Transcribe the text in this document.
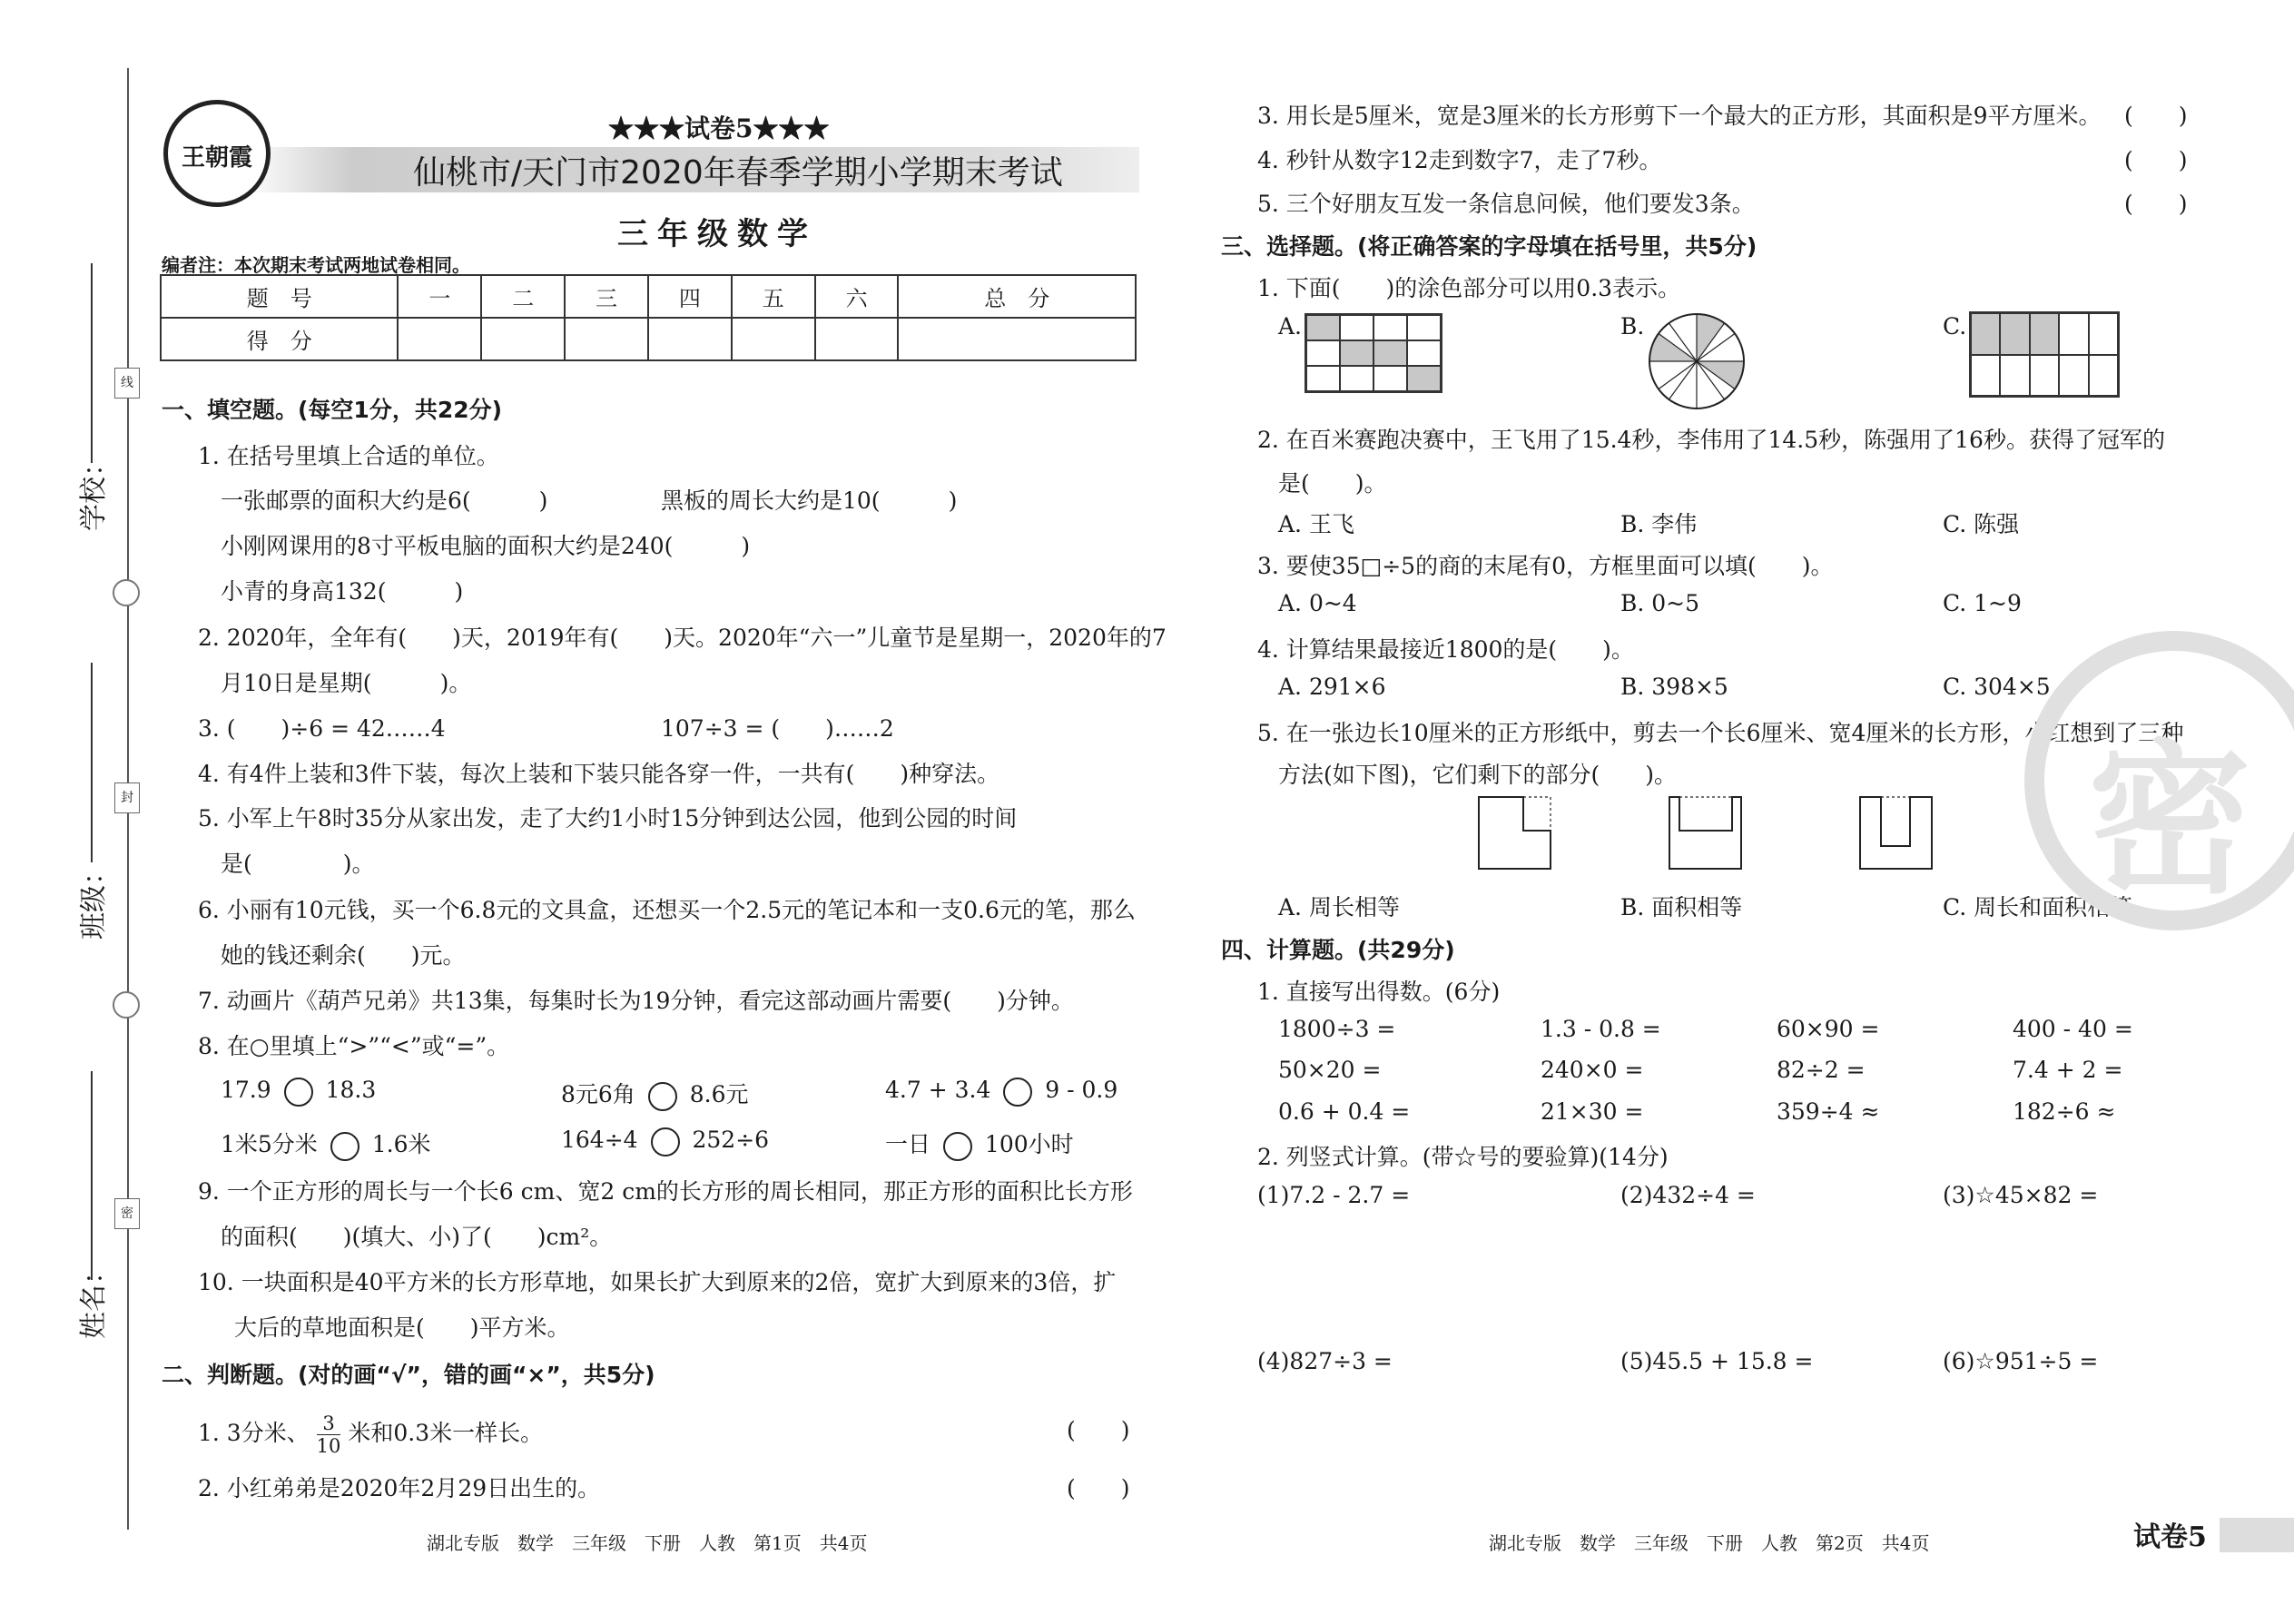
线
封
密
学校：
班级：
姓名：
王朝霞
★★★试卷5★★★
仙桃市/天门市2020年春季学期小学期末考试
三年级数学
编者注：本次期末考试两地试卷相同。
题　号	一	二	三	四	五	六	总　分
得　分							
一、填空题。(每空1分，共22分)
1. 在括号里填上合适的单位。
一张邮票的面积大约是6(　　　)	黑板的周长大约是10(　　　)
小刚网课用的8寸平板电脑的面积大约是240(　　　)
小青的身高132(　　　)
2. 2020年，全年有(　　)天，2019年有(　　)天。2020年“六一”儿童节是星期一，2020年的7
月10日是星期(　　　)。
3. (　　)÷6 = 42……4	107÷3 = (　　)……2
4. 有4件上装和3件下装，每次上装和下装只能各穿一件，一共有(　　)种穿法。
5. 小军上午8时35分从家出发，走了大约1小时15分钟到达公园，他到公园的时间
是(　　　　)。
6. 小丽有10元钱，买一个6.8元的文具盒，还想买一个2.5元的笔记本和一支0.6元的笔，那么
她的钱还剩余(　　)元。
7. 动画片《葫芦兄弟》共13集，每集时长为19分钟，看完这部动画片需要(　　)分钟。
8. 在○里填上“>”“<”或“=”。
17.9 18.3	8元6角 8.6元	4.7 + 3.4 9 - 0.9
1米5分米 1.6米	164÷4 252÷6	一日 100小时
9. 一个正方形的周长与一个长6 cm、宽2 cm的长方形的周长相同，那正方形的面积比长方形
的面积(　　)(填大、小)了(　　)cm²。
10. 一块面积是40平方米的长方形草地，如果长扩大到原来的2倍，宽扩大到原来的3倍，扩
大后的草地面积是(　　)平方米。
二、判断题。(对的画“√”，错的画“×”，共5分)
1. 3分米、 $\frac{3}{10}$ 米和0.3米一样长。	(　　)
2. 小红弟弟是2020年2月29日出生的。	(　　)
3. 用长是5厘米，宽是3厘米的长方形剪下一个最大的正方形，其面积是9平方厘米。 (　　)
4. 秒针从数字12走到数字7，走了7秒。	(　　)
5. 三个好朋友互发一条信息问候，他们要发3条。	(　　)
三、选择题。(将正确答案的字母填在括号里，共5分)
1. 下面(　　)的涂色部分可以用0.3表示。
A.	B.	C.
2. 在百米赛跑决赛中，王飞用了15.4秒，李伟用了14.5秒，陈强用了16秒。获得了冠军的
是(　　)。
A. 王飞	B. 李伟	C. 陈强
3. 要使35□÷5的商的末尾有0，方框里面可以填(　　)。
A. 0~4	B. 0~5	C. 1~9
4. 计算结果最接近1800的是(　　)。
A. 291×6	B. 398×5	C. 304×5
5. 在一张边长10厘米的正方形纸中，剪去一个长6厘米、宽4厘米的长方形，小红想到了三种
方法(如下图)，它们剩下的部分(　　)。
A. 周长相等	B. 面积相等	C. 周长和面积相等
四、计算题。(共29分)
1. 直接写出得数。(6分)
1800÷3 =	1.3 - 0.8 =	60×90 =	400 - 40 =
50×20 =	240×0 =	82÷2 =	7.4 + 2 =
0.6 + 0.4 =	21×30 =	359÷4 ≈	182÷6 ≈
2. 列竖式计算。(带☆号的要验算)(14分)
(1)7.2 - 2.7 =	(2)432÷4 =	(3)☆45×82 =
(4)827÷3 =	(5)45.5 + 15.8 =	(6)☆951÷5 =
密
湖北专版　数学　三年级　下册　人教　第1页　共4页	湖北专版　数学　三年级　下册　人教　第2页　共4页	试卷5
